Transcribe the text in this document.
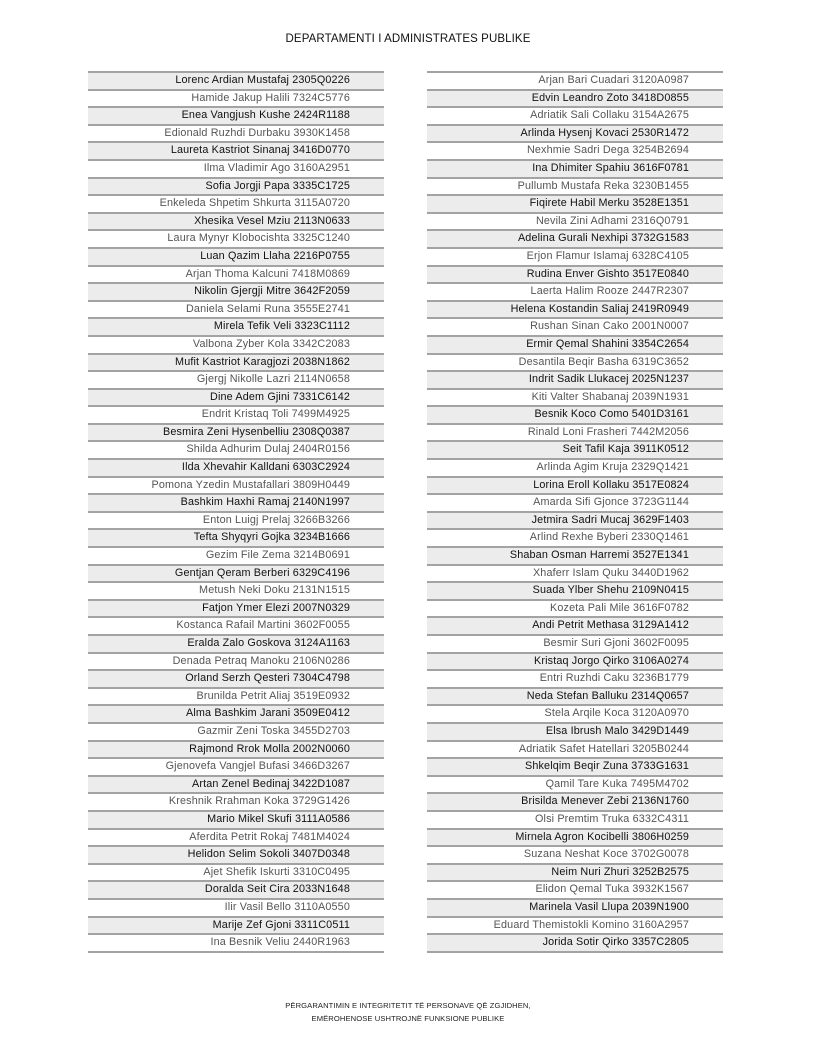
DEPARTAMENTI I ADMINISTRATES PUBLIKE
Lorenc Ardian Mustafaj 2305Q0226
Hamide Jakup Halili 7324C5776
Enea Vangjush Kushe 2424R1188
Edionald Ruzhdi Durbaku 3930K1458
Laureta Kastriot Sinanaj 3416D0770
Ilma Vladimir Ago 3160A2951
Sofia Jorgji Papa 3335C1725
Enkeleda Shpetim Shkurta 3115A0720
Xhesika Vesel Mziu 2113N0633
Laura Mynyr Klobocishta 3325C1240
Luan Qazim Llaha 2216P0755
Arjan Thoma Kalcuni 7418M0869
Nikolin Gjergji Mitre 3642F2059
Daniela Selami Runa 3555E2741
Mirela Tefik Veli 3323C1112
Valbona Zyber Kola 3342C2083
Mufit Kastriot Karagjozi 2038N1862
Gjergj Nikolle Lazri 2114N0658
Dine Adem Gjini 7331C6142
Endrit Kristaq Toli 7499M4925
Besmira Zeni Hysenbelliu 2308Q0387
Shilda Adhurim Dulaj 2404R0156
Ilda Xhevahir Kalldani 6303C2924
Pomona Yzedin Mustafallari 3809H0449
Bashkim Haxhi Ramaj 2140N1997
Enton Luigj Prelaj 3266B3266
Tefta Shyqyri Gojka 3234B1666
Gezim File Zema 3214B0691
Gentjan Qeram Berberi 6329C4196
Metush Neki Doku 2131N1515
Fatjon Ymer Elezi 2007N0329
Kostanca Rafail Martini 3602F0055
Eralda Zalo Goskova 3124A1163
Denada Petraq Manoku 2106N0286
Orland Serzh Qesteri 7304C4798
Brunilda Petrit Aliaj 3519E0932
Alma Bashkim Jarani 3509E0412
Gazmir Zeni Toska 3455D2703
Rajmond Rrok Molla 2002N0060
Gjenovefa Vangjel Bufasi 3466D3267
Artan Zenel Bedinaj 3422D1087
Kreshnik Rrahman Koka 3729G1426
Mario Mikel Skufi 3111A0586
Aferdita Petrit Rokaj 7481M4024
Helidon Selim Sokoli 3407D0348
Ajet Shefik Iskurti 3310C0495
Doralda Seit Cira 2033N1648
Ilir Vasil Bello 3110A0550
Marije Zef Gjoni 3311C0511
Ina Besnik Veliu 2440R1963
Arjan Bari Cuadari 3120A0987
Edvin Leandro Zoto 3418D0855
Adriatik Sali Collaku 3154A2675
Arlinda Hysenj Kovaci 2530R1472
Nexhmie Sadri Dega 3254B2694
Ina Dhimiter Spahiu 3616F0781
Pullumb Mustafa Reka 3230B1455
Fiqirete Habil Merku 3528E1351
Nevila Zini Adhami 2316Q0791
Adelina Gurali Nexhipi 3732G1583
Erjon Flamur Islamaj 6328C4105
Rudina Enver Gishto 3517E0840
Laerta Halim Rooze 2447R2307
Helena Kostandin Saliaj 2419R0949
Rushan Sinan Cako 2001N0007
Ermir Qemal Shahini 3354C2654
Desantila Beqir Basha 6319C3652
Indrit Sadik Llukacej 2025N1237
Kiti Valter Shabanaj 2039N1931
Besnik Koco Como 5401D3161
Rinald Loni Frasheri 7442M2056
Seit Tafil Kaja 3911K0512
Arlinda Agim Kruja 2329Q1421
Lorina Eroll Kollaku 3517E0824
Amarda Sifi Gjonce 3723G1144
Jetmira Sadri Mucaj 3629F1403
Arlind Rexhe Byberi 2330Q1461
Shaban Osman Harremi 3527E1341
Xhaferr Islam Quku 3440D1962
Suada Ylber Shehu 2109N0415
Kozeta Pali Mile 3616F0782
Andi Petrit Methasa 3129A1412
Besmir Suri Gjoni 3602F0095
Kristaq Jorgo Qirko 3106A0274
Entri Ruzhdi Caku 3236B1779
Neda Stefan Balluku 2314Q0657
Stela Arqile Koca 3120A0970
Elsa Ibrush Malo 3429D1449
Adriatik Safet Hatellari 3205B0244
Shkelqim Beqir Zuna 3733G1631
Qamil Tare Kuka 7495M4702
Brisilda Menever Zebi 2136N1760
Olsi Premtim Truka 6332C4311
Mirnela Agron Kocibelli 3806H0259
Suzana Neshat Koce 3702G0078
Neim Nuri Zhuri 3252B2575
Elidon Qemal Tuka 3932K1567
Marinela Vasil Llupa 2039N1900
Eduard Themistokli Komino 3160A2957
Jorida Sotir Qirko 3357C2805
PËRGARANTIMIN E INTEGRITETIT TË PERSONAVE QË ZGJIDHEN,
EMËROHENOSE USHTROJNË FUNKSIONE PUBLIKE
